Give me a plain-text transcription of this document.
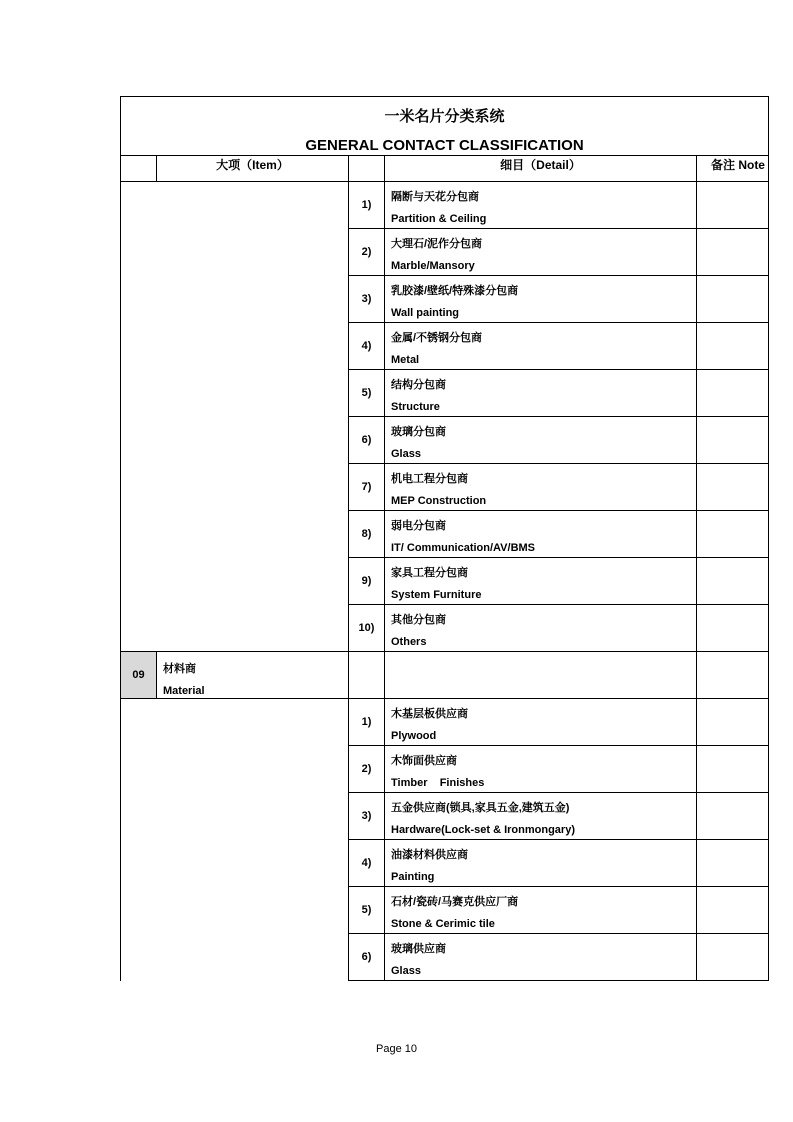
一米名片分类系统
GENERAL CONTACT CLASSIFICATION				

	大项（Item）		细目（Detail）	备注 Note
		1)	隔断与天花分包商
Partition & Ceiling	

		2)	大理石/泥作分包商
Marble/Mansory	

		3)	乳胶漆/壁纸/特殊漆分包商
Wall painting	

		4)	金属/不锈钢分包商
Metal	

		5)	结构分包商
Structure	

		6)	玻璃分包商
Glass	

		7)	机电工程分包商
MEP Construction	

		8)	弱电分包商
IT/ Communication/AV/BMS	

		9)	家具工程分包商
System Furniture	

		10)	其他分包商
Others	

09	材料商
Material			

		1)	木基层板供应商
Plywood	

		2)	木饰面供应商
Timber    Finishes	

		3)	五金供应商(锁具,家具五金,建筑五金)
Hardware(Lock-set & Ironmongary)	

		4)	油漆材料供应商
Painting	

		5)	石材/瓷砖/马赛克供应厂商
Stone & Cerimic tile	

		6)	玻璃供应商
Glass	

Page 10
